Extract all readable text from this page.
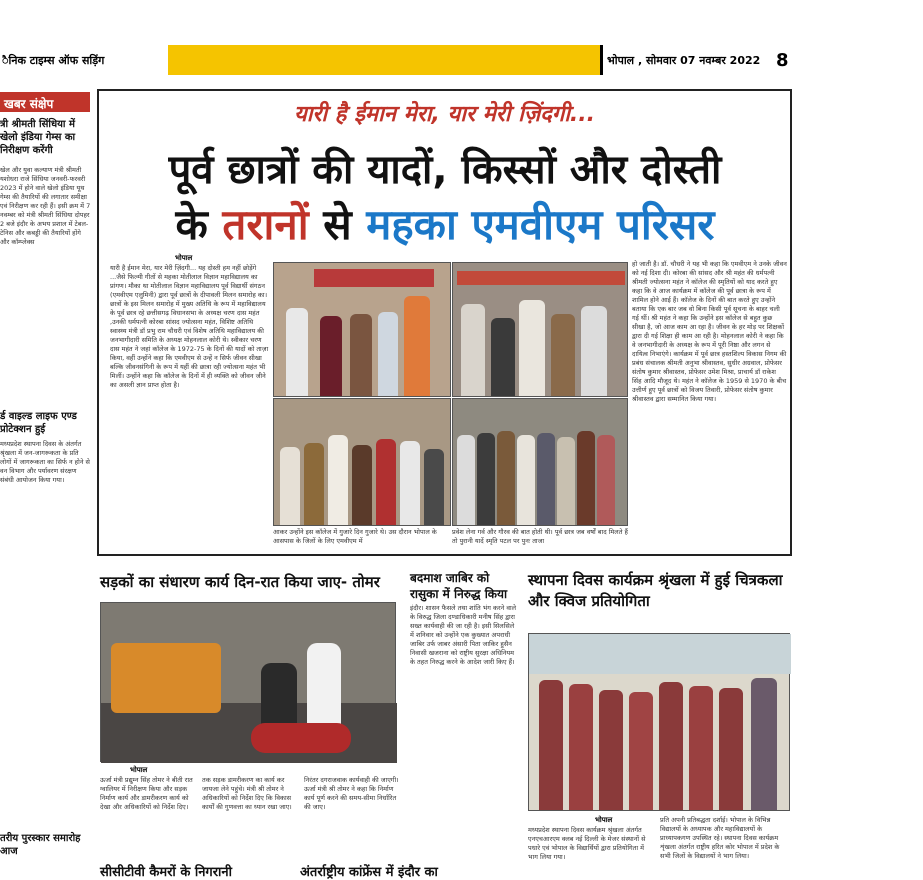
ैनिक टाइम्स ऑफ सड़िंग	भोपाल , सोमवार 07 नवम्बर 2022 8
खबर संक्षेप
त्री श्रीमती सिंधिया में खेलो इंडिया गेम्स का निरीक्षण करेंगी
खेल और युवा कल्याण मंत्री श्रीमती यशोधरा राजे सिंधिया जनवरी-फरवरी 2023 में होने वाले खेलो इंडिया यूथ गेम्स की तैयारियों की लगातार समीक्षा एवं निरीक्षण कर रही हैं। इसी क्रम में 7 नवम्बर को मंत्री श्रीमती सिंधिया दोपहर 2 बजे इंदौर के अभय प्रशाल में टेबल-टेनिस और कबड्डी की तैयारियों होंगे और कॉम्प्लेक्स
र्ड वाइल्ड लाइफ एण्ड प्रोटेक्शन हुई
मध्यप्रदेश स्थापना दिवस के अंतर्गत श्रृंखला में जन-जागरूकता के प्रति लोगों में जागरूकता का सिर्फ न होने से वन विभाग और पर्यावरण संरक्षण संबंधी आयोजन किया गया।
तरीय पुरस्कार समारोह आज
यारी है ईमान मेरा, यार मेरी ज़िंदगी...
पूर्व छात्रों की यादों, किस्सों और दोस्ती
के तरानों से महका एमवीएम परिसर
भोपाल
यारी है ईमान मेरा, यार मेरी ज़िंदगी... यह दोस्ती हम नहीं छोड़ेंगे ...जैसे फिल्मी गीतों से महका मोतीलाल विज्ञान महाविद्यालय का प्रांगण। मौका था मोतीलाल विज्ञान महाविद्यालय पूर्व विद्यार्थी संगठन (एमवीएम एलुमिनी) द्वारा पूर्व छात्रों के दीपावली मिलन समारोह का। छात्रों के इस मिलन समारोह में मुख्य अतिथि के रूप में महाविद्यालय के पूर्व छात्र रहे छत्तीसगढ़ विधानसभा के अध्यक्ष चरण दास महंत ,उनकी धर्मपत्नी कोरबा सांसद ज्योत्सना महंत, विशिष्ट अतिथि स्वास्थ्य मंत्री डॉ प्रभु राम चौधरी एवं विशेष अतिथि महाविद्यालय की जनभागीदारी समिति के अध्यक्ष मोहनलाल कोरी थे। स्वीकार चरण दास महंत ने जहां कॉलेज के 1972-75 के दिनों की यादों को ताज़ा किया, वहीं उन्होंने कहा कि एमवीएम से उन्हें न सिर्फ जीवन सीखा बल्कि जीवनसंगिनी के रूप में यहीं की छात्रा रही ज्योत्सना महंत भी मिलीं। उन्होंने कहा कि कॉलेज के दिनों में ही व्यक्ति को जीवन जीने का असली ज्ञान प्राप्त होता है।
आकर उन्होंने इस कॉलेज में गुजारे दिन गुजारे थे। उस दौरान भोपाल के आसपास के जिलों के लिए एमवीएम में
प्रवेश लेना गर्व और गौरव की बात होती थी। पूर्व छात्र जब वर्षों बाद मिलते हैं तो पुरानी यादें स्मृति पटल पर पुनः ताजा
हो जाती है। डॉ. चौधरी ने यह भी कहा कि एमवीएम ने उनके जीवन को नई दिशा दी। कोरबा की सांसद और श्री महंत की धर्मपत्नी श्रीमती ज्योत्सना महंत ने कॉलेज की स्मृतियों को याद करते हुए कहा कि वे आज कार्यक्रम में कॉलेज की पूर्व छात्रा के रूप में शामिल होने आई हैं। कॉलेज के दिनों की बात करते हुए उन्होंने बताया कि एक बार जब वो बिना किसी पूर्व सूचना के बाहर चली गई थीं। श्री महंत ने कहा कि उन्होंने इस कॉलेज से बहुत कुछ सीखा है, जो आज काम आ रहा है। जीवन के हर मोड़ पर शिक्षकों द्वारा दी गई शिक्षा ही काम आ रही है। मोहनलाल कोरी ने कहा कि वे जनभागीदारी के अध्यक्ष के रूप में पूरी निष्ठा और लगन से दायित्व निभाएंगे। कार्यक्रम में पूर्व छात्र हस्तशिल्प विकास निगम की प्रबंध संचालक श्रीमती अनुभा श्रीवास्तव, सुधीर अग्रवाल, प्रोफेसर संतोष कुमार श्रीवास्तव, प्रोफेसर उमेश मिश्रा, प्राचार्य डॉ राकेश सिंह आदि मौजूद थे। महंत ने कॉलेज के 1959 से 1970 के बीच उत्तीर्ण हुए पूर्व छात्रों को विजय तिवारी, प्रोफेसर संतोष कुमार श्रीवास्तव द्वारा सम्मानित किया गया।
सड़कों का संधारण कार्य दिन-रात किया जाए- तोमर
भोपाल
ऊर्जा मंत्री प्रद्युम्न सिंह तोमर ने बीती रात ग्वालियर में निरीक्षण किया और सड़क निर्माण कार्य और डामरीकरण कार्य को देखा और अधिकारियों को निर्देश दिए।
तक सड़क डामरीकरण का कार्य कर जायजा लेने पहुंचे। मंत्री श्री तोमर ने अधिकारियों को निर्देश दिए कि विकास कार्यों की गुणवत्ता का ध्यान रखा जाए।
निरंतर दगराजवाक कार्यवाही की जाएगी। ऊर्जा मंत्री श्री तोमर ने कहा कि निर्माण कार्य पूर्ण करने की समय-सीमा निर्धारित की जाए।
बदमाश जाबिर को रासुका में निरुद्ध किया
इंदौर। शासन फैसले तथा शांति भंग करने वाले के विरुद्ध जिला दण्डाधिकारी मनीष सिंह द्वारा सख्त कार्यवाही की जा रही है। इसी सिलसिले में शनिवार को उन्होंने एक कुख्यात अपराधी जाबिर उर्फ जाबर अंसारी पिता जाकिर हुसैन निवासी खजराना को राष्ट्रीय सुरक्षा अधिनियम के तहत निरुद्ध करने के आदेश जारी किए हैं।
स्थापना दिवस कार्यक्रम श्रृंखला में हुई चित्रकला और क्विज प्रतियोगिता
भोपाल
मध्यप्रदेश स्थापना दिवस कार्यक्रम श्रृंखला अंतर्गत एनएचआरएम क्लब नई दिल्ली के मेजर संस्थानों से पधारे एवं भोपाल के विद्यार्थियों द्वारा प्रतियोगिता में भाग लिया गया।
प्रति अपनी प्रतिबद्धता दर्शाई। भोपाल के विभिन्न विद्यालयों के अध्यापक और महाविद्यालयों के प्राध्यापकगण उपस्थित रहे। स्थापना दिवस कार्यक्रम शृंखला अंतर्गत राष्ट्रीय हरित कोर भोपाल में प्रदेश के सभी जिलों के विद्यालयों ने भाग लिया।
सीसीटीवी कैमरों के निगरानी	अंतर्राष्ट्रीय कांफ्रेंस में इंदौर का
